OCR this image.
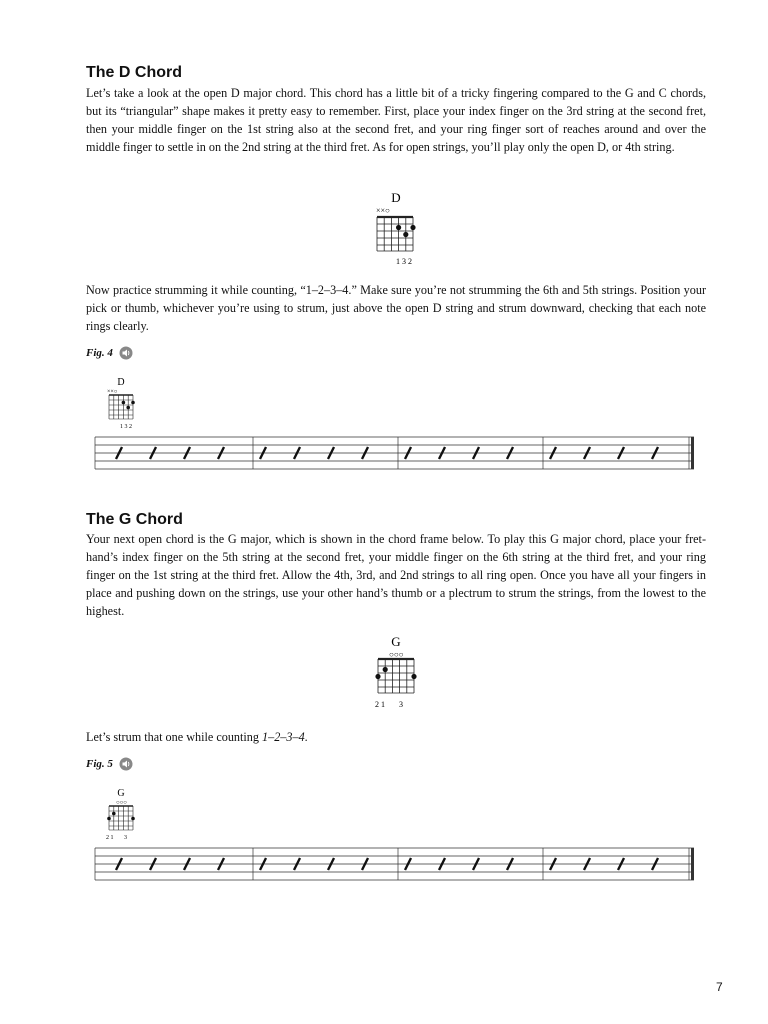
The D Chord

Let’s take a look at the open D major chord. This chord has a little bit of a tricky fingering compared to the G and C chords, but its “triangular” shape makes it pretty easy to remember. First, place your index finger on the 3rd string at the second fret, then your middle finger on the 1st string also at the second fret, and your ring finger sort of reaches around and over the middle finger to settle in on the 2nd string at the third fret. As for open strings, you’ll play only the open D, or 4th string.

D
××○
1 3 2

Now practice strumming it while counting, “1–2–3–4.” Make sure you’re not strumming the 6th and 5th strings. Position your pick or thumb, whichever you’re using to strum, just above the open D string and strum downward, checking that each note rings clearly.

Fig. 4
D
××○
1 3 2
The G Chord

Your next open chord is the G major, which is shown in the chord frame below. To play this G major chord, place your fret-hand’s index finger on the 5th string at the second fret, your middle finger on the 6th string at the third fret, and your ring finger on the 1st string at the third fret. Allow the 4th, 3rd, and 2nd strings to all ring open. Once you have all your fingers in place and pushing down on the strings, use your other hand’s thumb or a plectrum to strum the strings, from the lowest to the highest.

G
○○○
2 1       3

Let’s strum that one while counting 1–2–3–4.

Fig. 5
G
○○○
2 1       3
7
